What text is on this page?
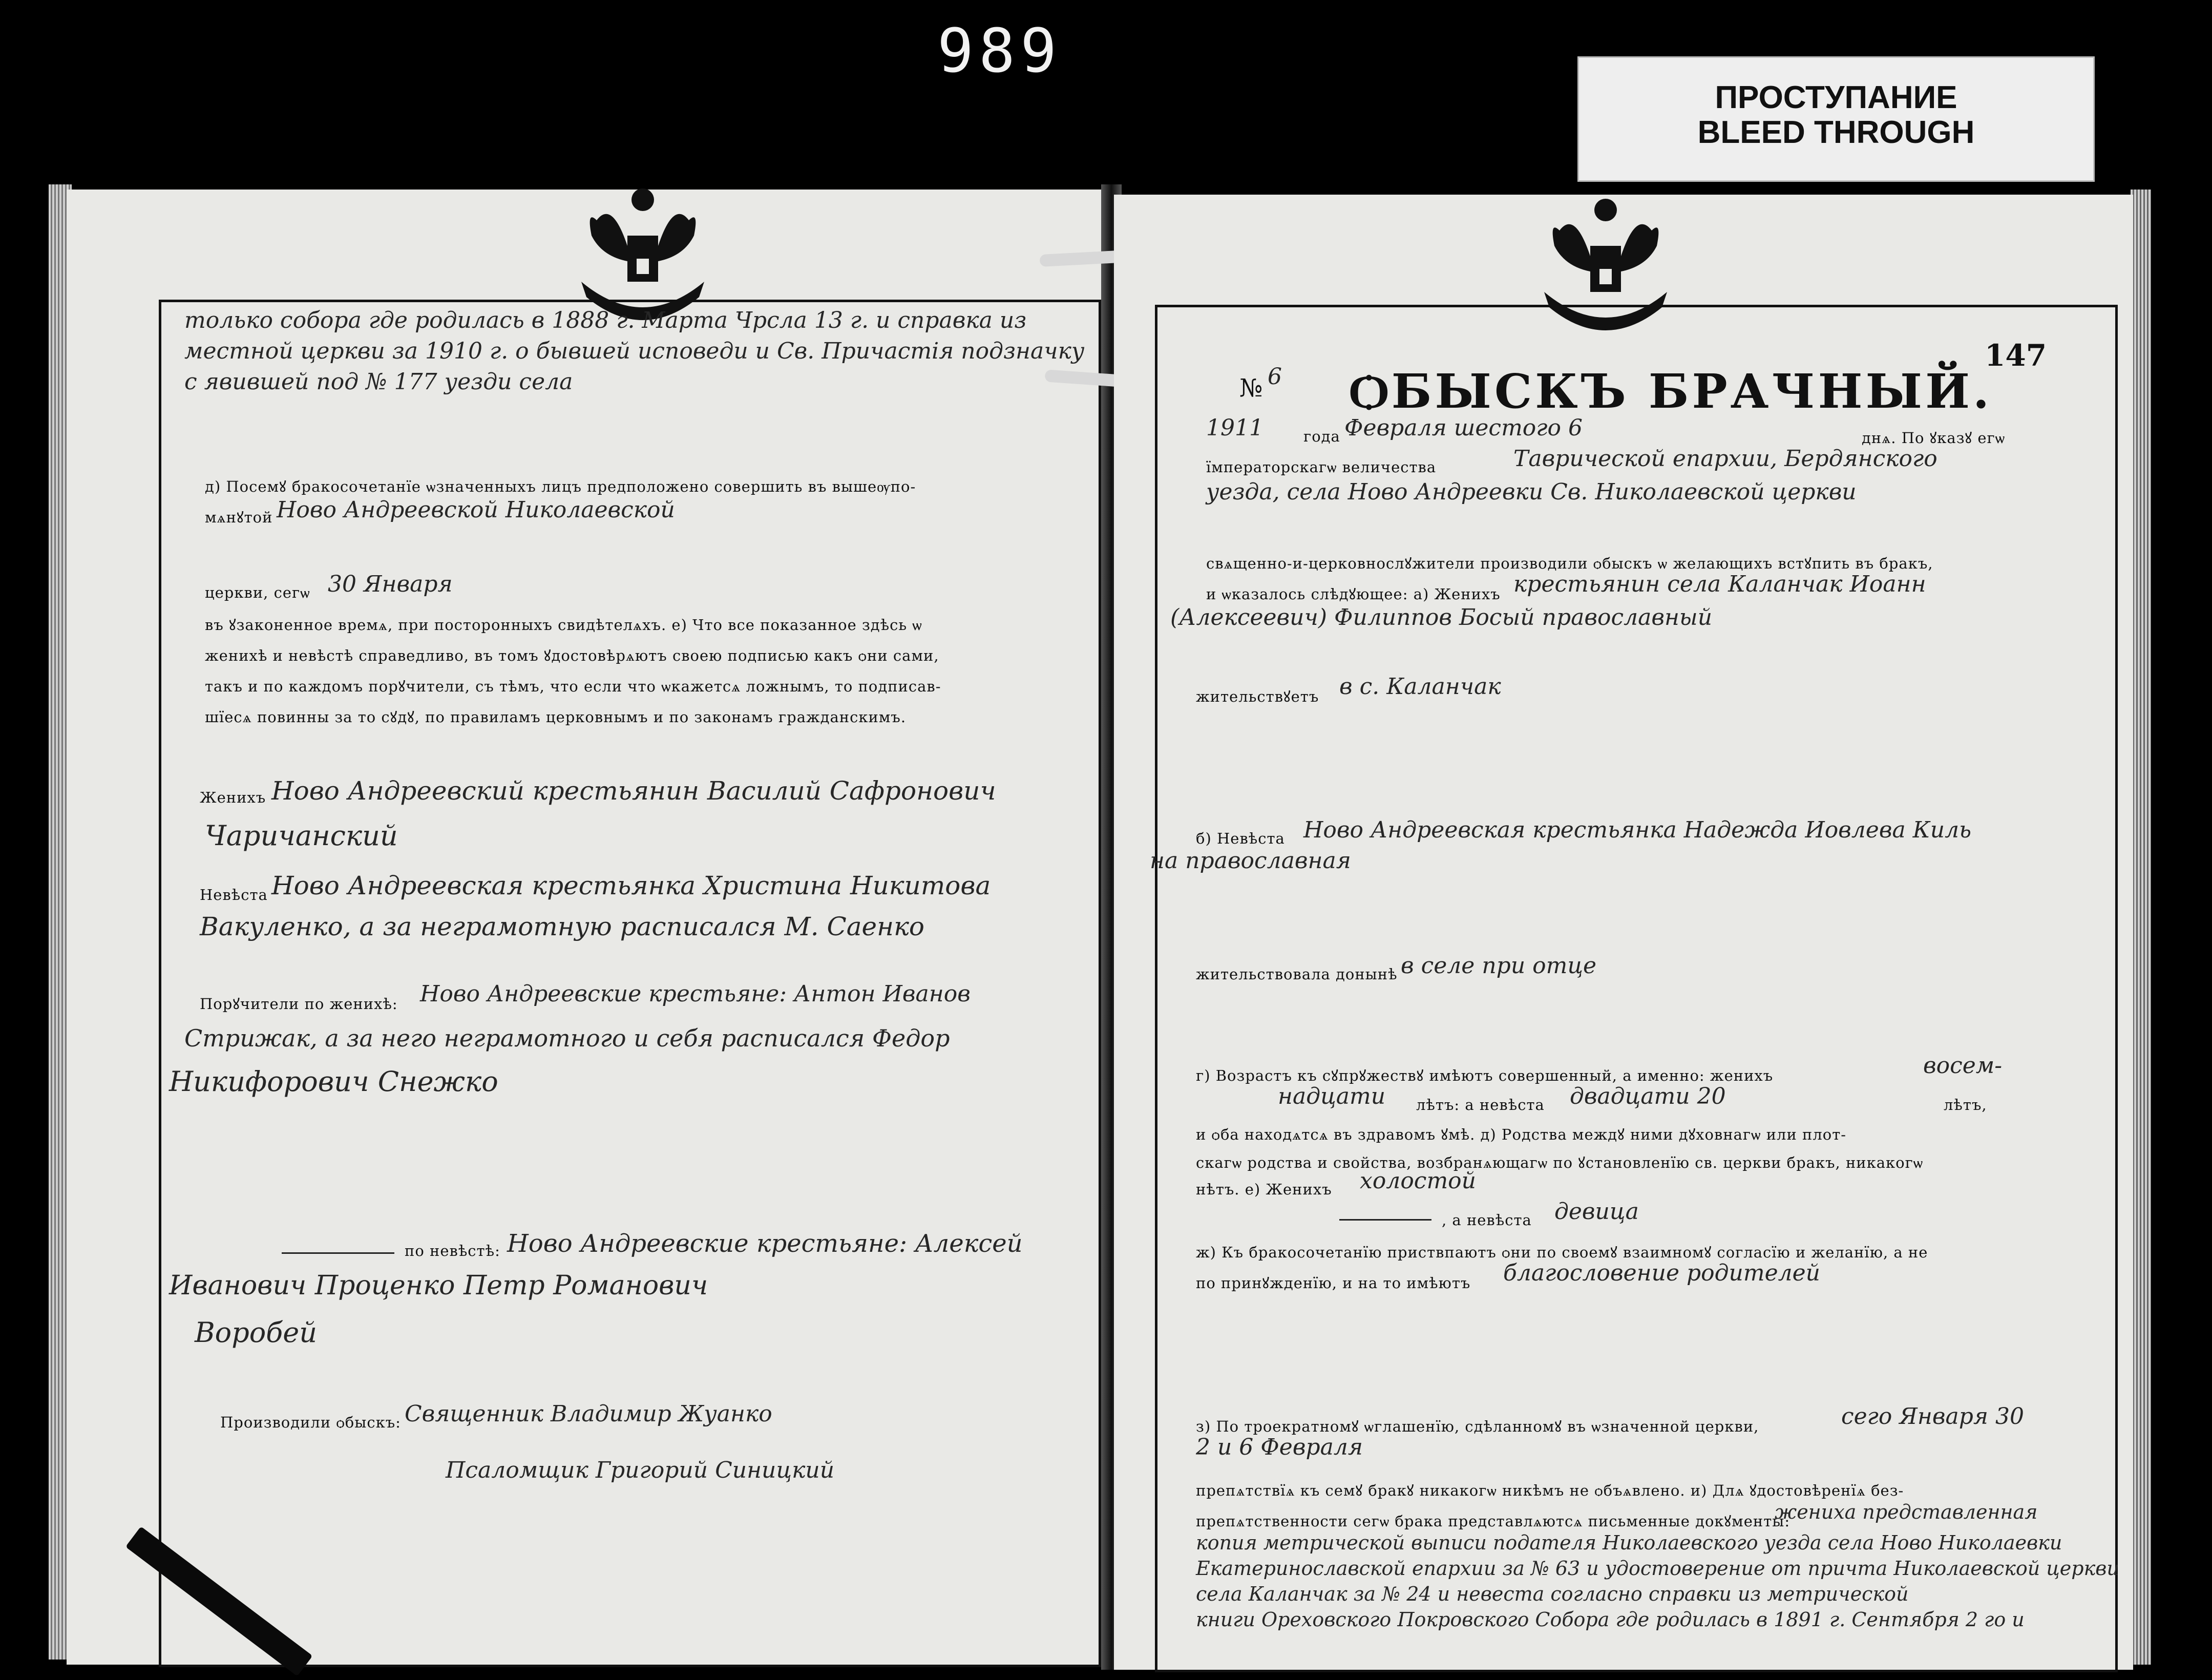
989
ПРОСТУПАНИЕ
BLEED THROUGH
только собора где родилась в 1888 г. Марта Чрсла 13 г. и справка из
местной церкви за 1910 г. о бывшей исповеди и Св. Причастія подзначку
с явившей под № 177 уезди села
д) Посемꙋ бракосочетанїе ѡзначенныхъ лицъ предположено совершить въ вышеѹпо-
мѧнꙋтой Ново Андреевской Николаевской
церкви, сегѡ 30 Января
въ ꙋзаконенное времѧ, при посторонныхъ свидѣтелѧхъ. е) Что все показанное здѣсь ѡ
женихѣ и невѣстѣ справедливо, въ томъ ꙋдостовѣрѧютъ своею подписью какъ ѻни сами,
такъ и по каждомъ порꙋчители, съ тѣмъ, что если что ѡкажетсѧ ложнымъ, то подписав-
шїесѧ повинны за то сꙋдꙋ, по правиламъ церковнымъ и по законамъ гражданскимъ.
Женихъ Ново Андреевский крестьянин Василий Сафронович
Чаричанский
Невѣста Ново Андреевская крестьянка Христина Никитова
Вакуленко, а за неграмотную расписался М. Саенко
Порꙋчители по женихѣ: Ново Андреевские крестьяне: Антон Иванов
Стрижак, а за него неграмотного и себя расписался Федор
Никифорович Снежко
по невѣстѣ: Ново Андреевские крестьяне: Алексей
Иванович Проценко Петр Романович
Воробей
Производили ѻбыскъ: Священник Владимир Жуанко
Псаломщик Григорий Синицкий
147
№ 6 ѺБЫСКЪ БРАЧНЫЙ.
1911	года Февраля шестого 6	днѧ. По ꙋказꙋ егѡ
їмператорскагѡ величества	Таврической епархии, Бердянского
уезда, села Ново Андреевки Св. Николаевской церкви
свѧщенно-и-церковнослꙋжители производили ѻбыскъ ѡ желающихъ встꙋпить въ бракъ,
и ѡказалось слѣдꙋющее: а) Женихъ крестьянин села Каланчак Иоанн
(Алексеевич) Филиппов Босый православный
жительствꙋетъ в с. Каланчак
б) Невѣста Ново Андреевская крестьянка Надежда Иовлева Киль
на православная
жительствовала донынѣ в селе при отце
г) Возрастъ къ сꙋпрꙋжествꙋ имѣютъ совершенный, а именно: женихъ	восем-
надцати лѣтъ: а невѣста двадцати 20	лѣтъ,
и ѻба находѧтсѧ въ здравомъ ꙋмѣ. д) Родства междꙋ ними дꙋховнагѡ или плот-
скагѡ родства и свойства, возбранѧющагѡ по ꙋстановленїю св. церкви бракъ, никакогѡ
нѣтъ. е) Женихъ холостой
, а невѣста девица
ж) Къ бракосочетанїю приствпаютъ ѻни по своемꙋ взаимномꙋ согласїю и желанїю, а не
по принꙋжденїю, и на то имѣютъ благословение родителей
з) По троекратномꙋ ѡглашенїю, сдѣланномꙋ въ ѡзначенной церкви,	сего Января 30
2 и 6 Февраля
препѧтствїѧ къ семꙋ бракꙋ никакогѡ никѣмъ не ѻбъѧвлено. и) Длѧ ꙋдостовѣренїѧ без-
препѧтственности сегѡ брака представлѧютсѧ письменные докꙋменты:
жениха предстaвленная
копия метрической выписи подателя Николаевского уезда села Ново Николаевки
Екатеринославской епархии за № 63 и удостоверение от причта Николаевской церкви
села Каланчак за № 24 и невеста согласно справки из метрической
книги Ореховского Покровского Собора где родилась в 1891 г. Сентября 2 го и
